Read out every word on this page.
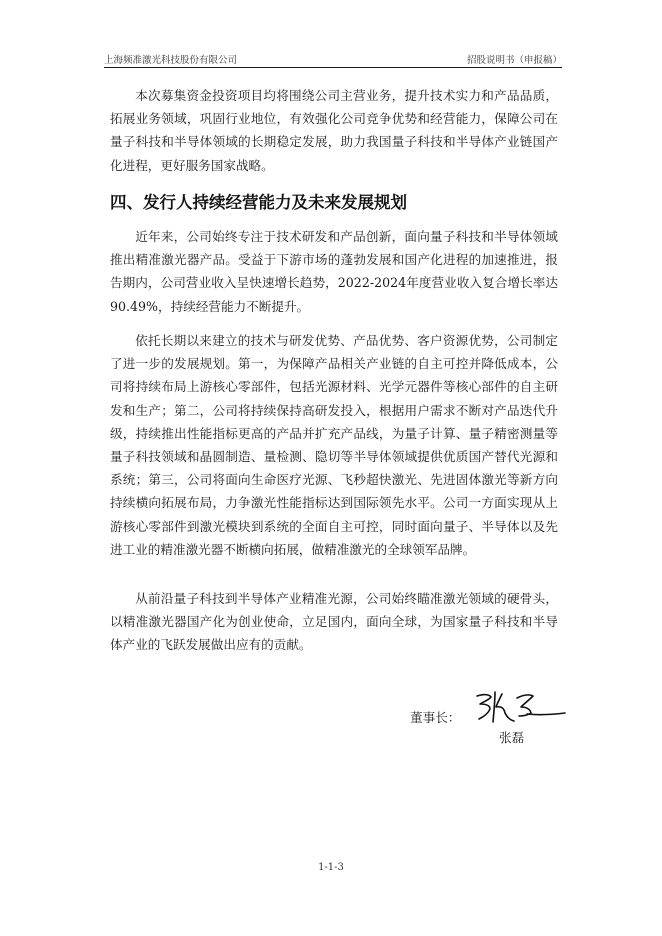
上海频准激光科技股份有限公司	招股说明书（申报稿）

本次募集资金投资项目均将围绕公司主营业务，提升技术实力和产品品质，拓展业务领域，巩固行业地位，有效强化公司竞争优势和经营能力，保障公司在量子科技和半导体领域的长期稳定发展，助力我国量子科技和半导体产业链国产化进程，更好服务国家战略。

四、发行人持续经营能力及未来发展规划

近年来，公司始终专注于技术研发和产品创新，面向量子科技和半导体领域推出精准激光器产品。受益于下游市场的蓬勃发展和国产化进程的加速推进，报告期内，公司营业收入呈快速增长趋势，2022-2024年度营业收入复合增长率达90.49%，持续经营能力不断提升。

依托长期以来建立的技术与研发优势、产品优势、客户资源优势，公司制定了进一步的发展规划。第一，为保障产品相关产业链的自主可控并降低成本，公司将持续布局上游核心零部件，包括光源材料、光学元器件等核心部件的自主研发和生产；第二，公司将持续保持高研发投入，根据用户需求不断对产品迭代升级，持续推出性能指标更高的产品并扩充产品线，为量子计算、量子精密测量等量子科技领域和晶圆制造、量检测、隐切等半导体领域提供优质国产替代光源和系统；第三，公司将面向生命医疗光源、飞秒超快激光、先进固体激光等新方向持续横向拓展布局，力争激光性能指标达到国际领先水平。公司一方面实现从上游核心零部件到激光模块到系统的全面自主可控，同时面向量子、半导体以及先进工业的精准激光器不断横向拓展，做精准激光的全球领军品牌。

从前沿量子科技到半导体产业精准光源，公司始终瞄准激光领域的硬骨头，以精准激光器国产化为创业使命，立足国内，面向全球，为国家量子科技和半导体产业的飞跃发展做出应有的贡献。

董事长：
张磊
1-1-3
